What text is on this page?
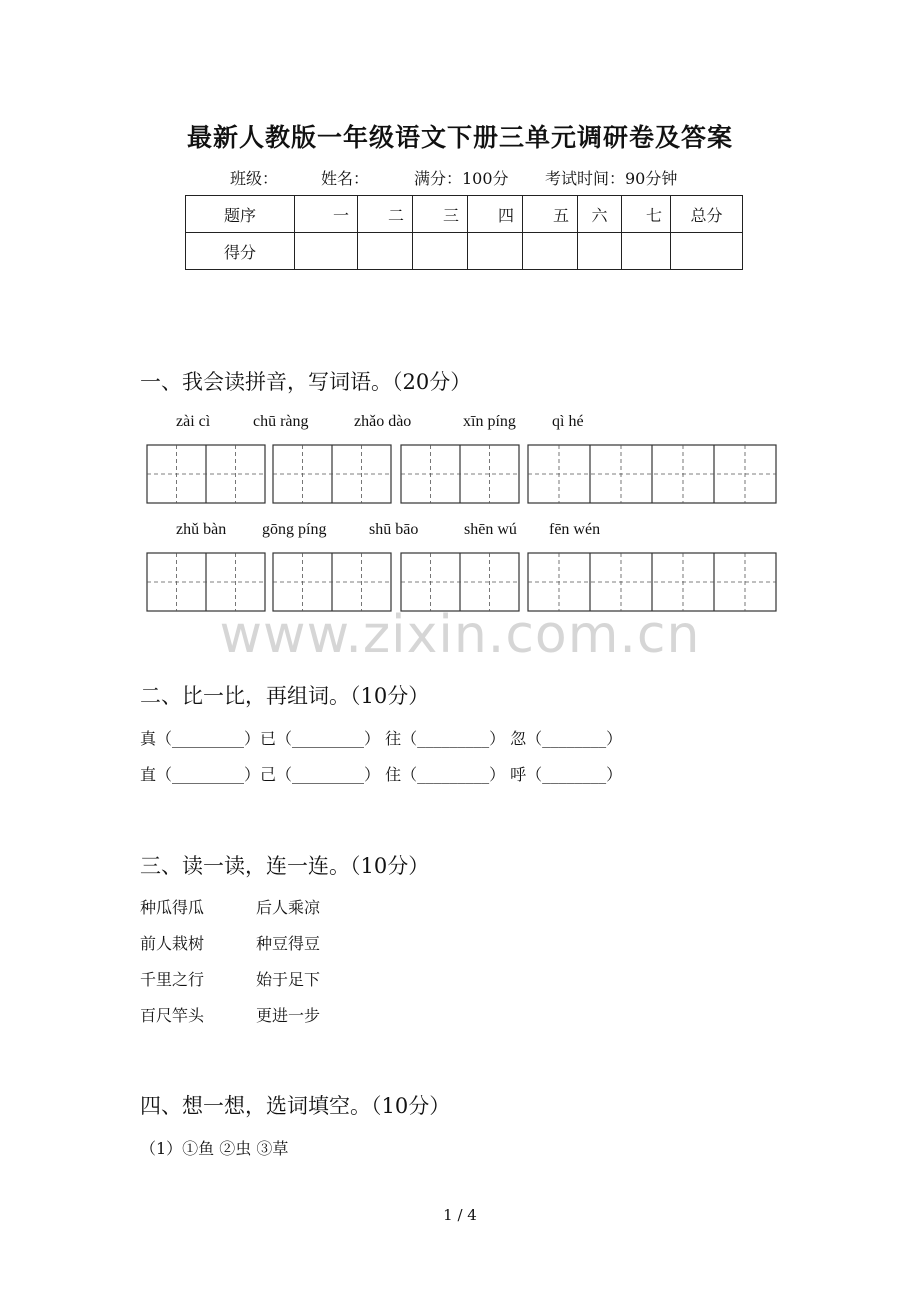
最新人教版一年级语文下册三单元调研卷及答案
班级：	姓名：	满分：100分 考试时间：90分钟
题序	一	二	三	四	五	六	七	总分
得分								
一、我会读拼音，写词语。（20分）
zài cì	chū ràng	zhǎo dào	xīn píng qì hé
zhǔ bàn gōng píng	shū bāo	shēn wú fēn wén
www.zixin.com.cn
二、比一比，再组词。（10分）
真（_________）已（_________） 往（_________） 忽（________）
直（_________）己（_________） 住（_________） 呼（________）
三、读一读，连一连。（10分）
种瓜得瓜	后人乘凉
前人栽树	种豆得豆
千里之行	始于足下
百尺竿头	更进一步
四、想一想，选词填空。（10分）
（1）①鱼 ②虫 ③草
1 / 4
